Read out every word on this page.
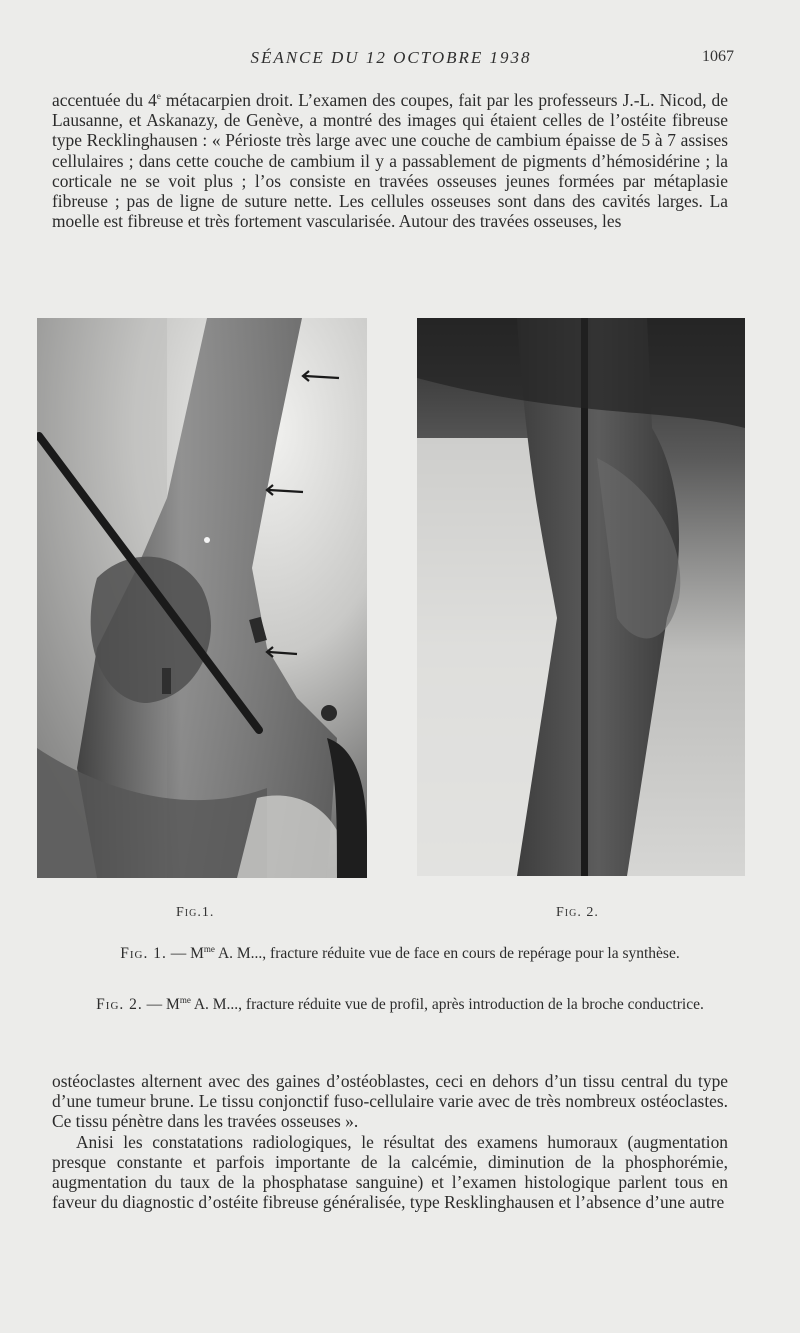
SÉANCE DU 12 OCTOBRE 1938	1067

accentuée du 4e métacarpien droit. L’examen des coupes, fait par les professeurs J.-L. Nicod, de Lausanne, et Askanazy, de Genève, a montré des images qui étaient celles de l’ostéite fibreuse type Recklinghausen : « Périoste très large avec une couche de cambium épaisse de 5 à 7 assises cellulaires ; dans cette couche de cambium il y a passablement de pigments d’hémosidérine ; la corticale ne se voit plus ; l’os consiste en travées osseuses jeunes formées par métaplasie fibreuse ; pas de ligne de suture nette. Les cellules osseuses sont dans des cavités larges. La moelle est fibreuse et très fortement vascularisée. Autour des travées osseuses, les

Fig.1.	Fig. 2.
Fig. 1. — $M^{me}$ A. M..., fracture réduite vue de face en cours de repérage pour la synthèse.
Fig. 2. — $M^{me}$ A. M..., fracture réduite vue de profil, après introduction de la broche conductrice.

ostéoclastes alternent avec des gaines d’ostéoblastes, ceci en dehors d’un tissu central du type d’une tumeur brune. Le tissu conjonctif fuso-cellulaire varie avec de très nombreux ostéoclastes. Ce tissu pénètre dans les travées osseuses ».

Anisi les constatations radiologiques, le résultat des examens humoraux (augmentation presque constante et parfois importante de la calcémie, diminution de la phosphorémie, augmentation du taux de la phosphatase sanguine) et l’examen histologique parlent tous en faveur du diagnostic d’ostéite fibreuse généralisée, type Resklinghausen et l’absence d’une autre
